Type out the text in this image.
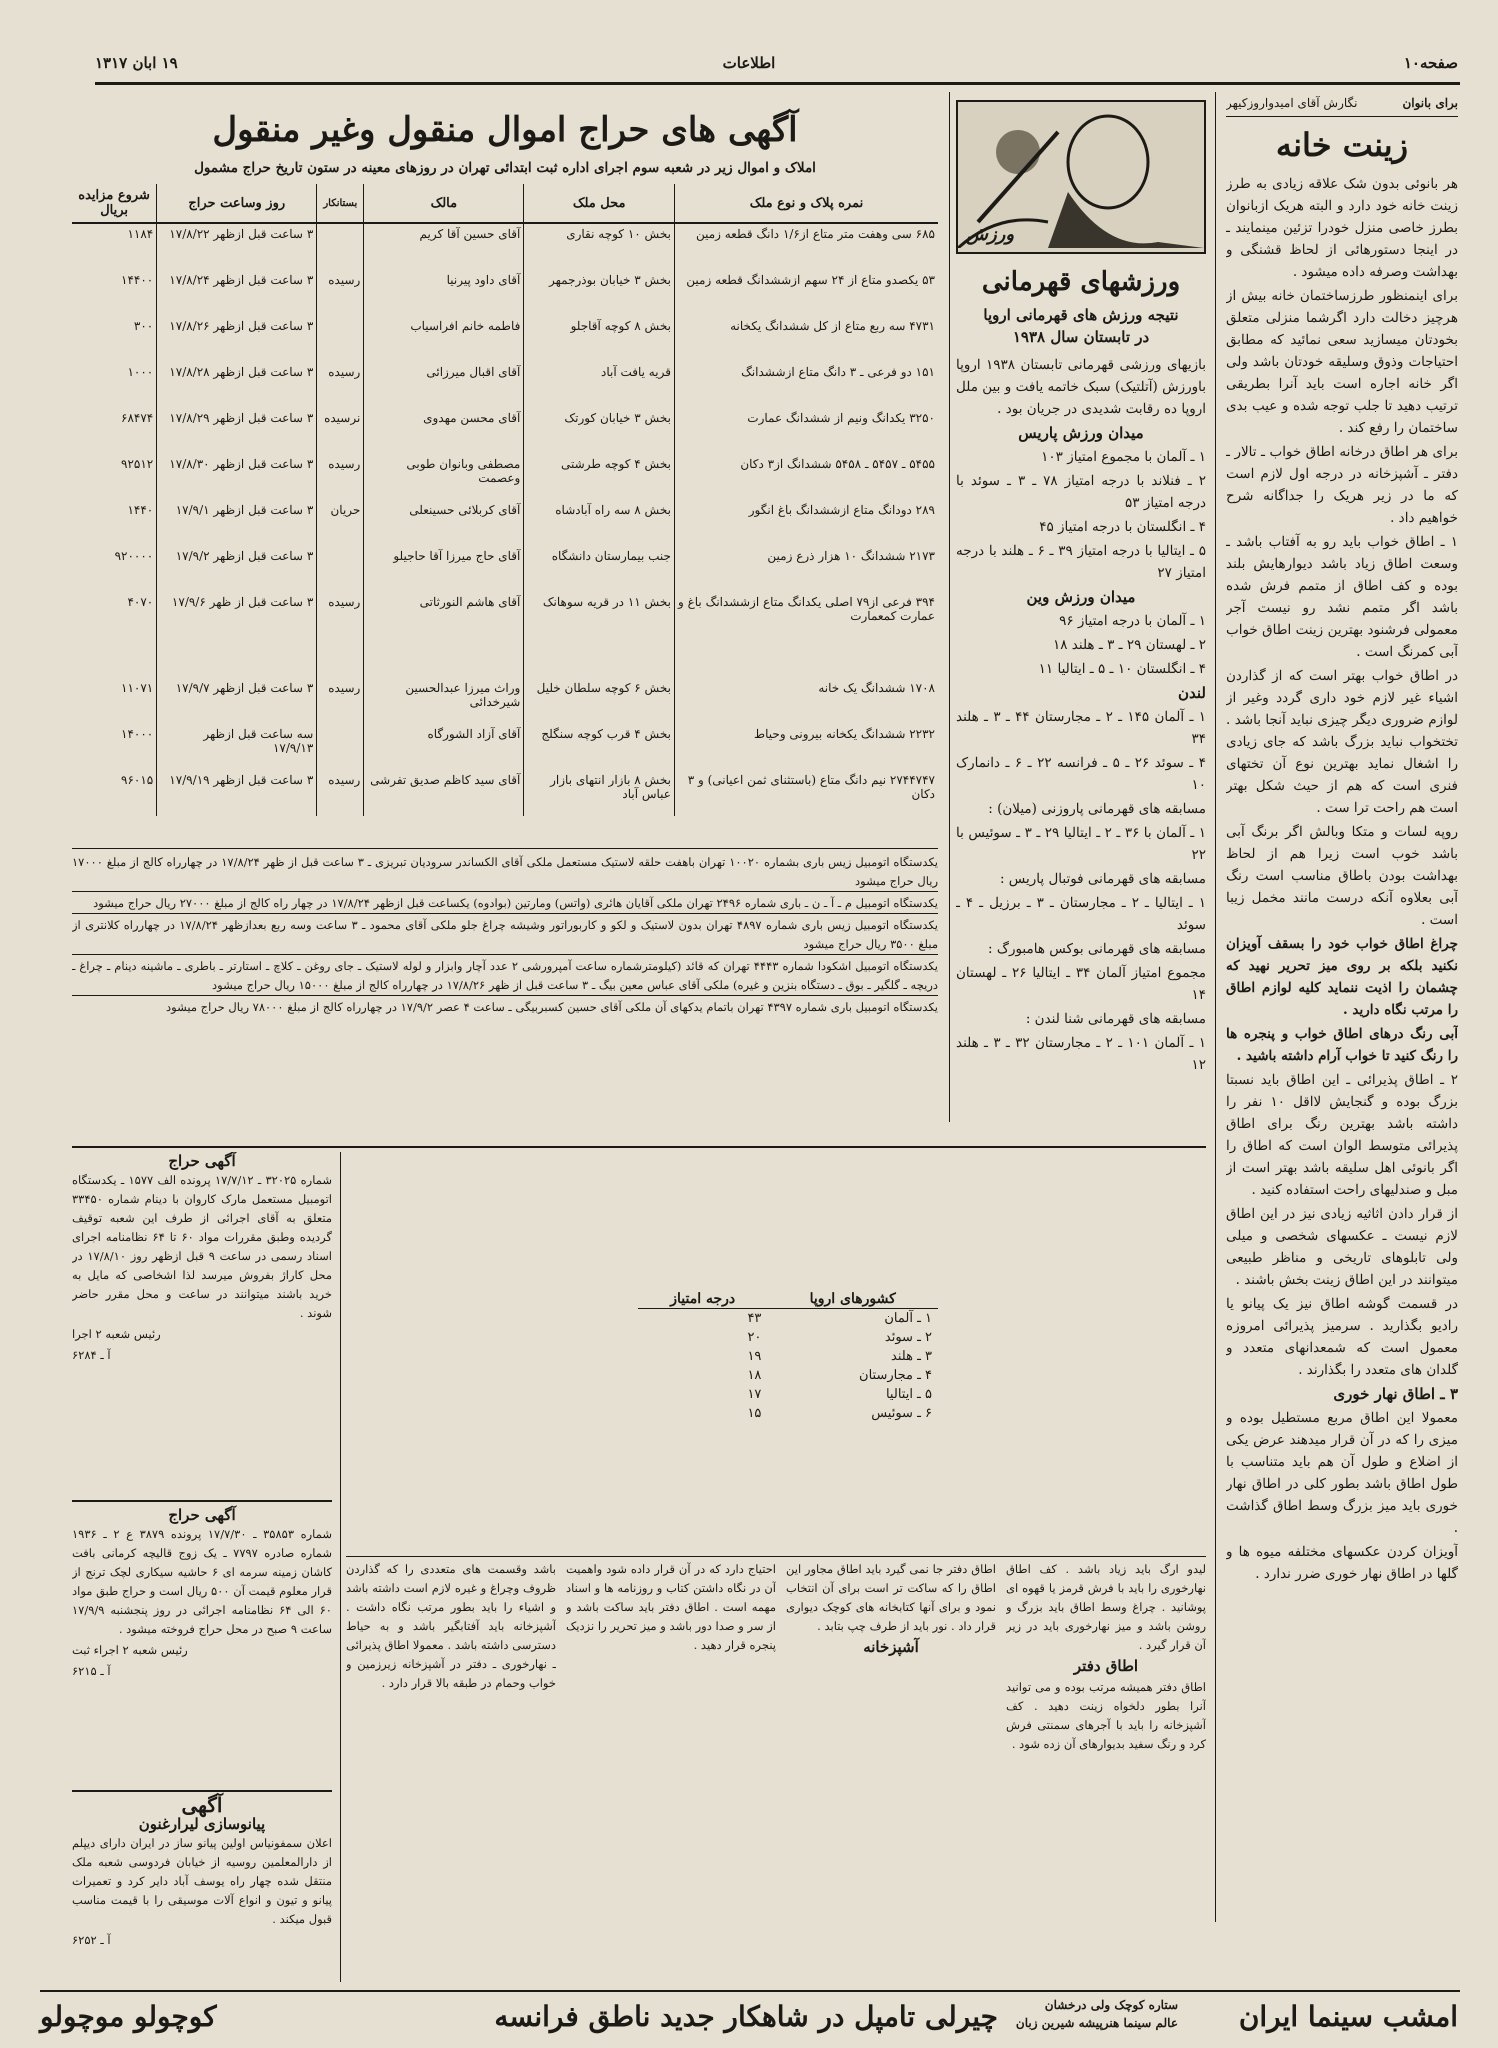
صفحه۱۰
اطلاعات
۱۹ ابان ۱۳۱۷
برای بانوان
نگارش آقای امیدواروزکیهر
زینت خانه

هر بانوئی بدون شک علاقه زیادی به طرز زینت خانه خود دارد و البته هریک ازبانوان بطرز خاصی منزل خودرا تزئین مینمایند ـ در اینجا دستورهائی از لحاظ قشنگی و بهداشت وصرفه داده میشود .

برای اینمنظور طرزساختمان خانه بیش از هرچیز دخالت دارد اگرشما منزلی متعلق بخودتان میسازید سعی نمائید که مطابق احتیاجات وذوق وسلیقه خودتان باشد ولی اگر خانه اجاره است باید آنرا بطریقی ترتیب دهید تا جلب توجه شده و عیب بدی ساختمان را رفع کند .

برای هر اطاق درخانه اطاق خواب ـ تالار ـ دفتر ـ آشپزخانه در درجه اول لازم است که ما در زیر هریک را جداگانه شرح خواهیم داد .

۱ ـ اطاق خواب باید رو به آفتاب باشد ـ وسعت اطاق زیاد باشد دیوارهایش بلند بوده و کف اطاق از متمم فرش شده باشد اگر متمم نشد رو نیست آجر معمولی فرشنود بهترین زینت اطاق خواب آبی کمرنگ است .

در اطاق خواب بهتر است که از گذاردن اشیاء غیر لازم خود داری گردد وغیر از لوازم ضروری دیگر چیزی نباید آنجا باشد . تختخواب نباید بزرگ باشد که جای زیادی را اشغال نماید بهترین نوع آن تختهای فنری است که هم از حیث شکل بهتر است هم راحت ترا ست .

روپه لسات و متکا وبالش اگر برنگ آبی باشد خوب است زیرا هم از لحاظ بهداشت بودن باطاق مناسب است رنگ آبی بعلاوه آنکه درست مانند مخمل زیبا است .

چراغ اطاق خواب خود را بسقف آویزان نکنید بلکه بر روی میز تحریر نهید که چشمان را اذیت ننماید کلیه لوازم اطاق را مرتب نگاه دارید .

آبی رنگ درهای اطاق خواب و پنجره ها را رنگ کنید تا خواب آرام داشته باشید .

۲ ـ اطاق پذیرائی ـ این اطاق باید نسبتا بزرگ بوده و گنجایش لااقل ۱۰ نفر را داشته باشد بهترین رنگ برای اطاق پذیرائی متوسط الوان است که اطاق را اگر بانوئی اهل سلیقه باشد بهتر است از مبل و صندلیهای راحت استفاده کنید .

از قرار دادن اثاثیه زیادی نیز در این اطاق لازم نیست ـ عکسهای شخصی و میلی ولی تابلوهای تاریخی و مناظر طبیعی میتوانند در این اطاق زینت بخش باشند .

در قسمت گوشه اطاق نیز یک پیانو یا رادیو بگذارید . سرمیز پذیرائی امروزه معمول است که شمعدانهای متعدد و گلدان های متعدد را بگذارند .

۳ ـ اطاق نهار خوری

معمولا این اطاق مربع مستطیل بوده و میزی را که در آن قرار میدهند عرض یکی از اضلاع و طول آن هم باید متناسب با طول اطاق باشد بطور کلی در اطاق نهار خوری باید میز بزرگ وسط اطاق گذاشت .

آویزان کردن عکسهای مختلفه میوه ها و گلها در اطاق نهار خوری ضرر ندارد .

ورزش
ورزشهای قهرمانی
نتیجه ورزش های قهرمانی اروپا
در تابستان سال ۱۹۳۸

بازیهای ورزشی قهرمانی تابستان ۱۹۳۸ اروپا باورزش (آتلتیک) سبک خاتمه یافت و بین ملل اروپا ده رقابت شدیدی در جریان بود .

میدان ورزش پاریس

۱ ـ آلمان با مجموع امتیاز ۱۰۳

۲ ـ فنلاند با درجه امتیاز ۷۸ ـ ۳ ـ سوئد با درجه امتیاز ۵۳

۴ ـ انگلستان با درجه امتیاز ۴۵

۵ ـ ایتالیا با درجه امتیاز ۳۹ ـ ۶ ـ هلند با درجه امتیاز ۲۷

میدان ورزش وین

۱ ـ آلمان با درجه امتیاز ۹۶

۲ ـ لهستان ۲۹ ـ ۳ ـ هلند ۱۸

۴ ـ انگلستان ۱۰ ـ ۵ ـ ایتالیا ۱۱

لندن

۱ ـ آلمان ۱۴۵ ـ ۲ ـ مجارستان ۴۴ ـ ۳ ـ هلند ۳۴

۴ ـ سوئد ۲۶ ـ ۵ ـ فرانسه ۲۲ ـ ۶ ـ دانمارک ۱۰

مسابقه های قهرمانی پاروزنی (میلان) :

۱ ـ آلمان با ۳۶ ـ ۲ ـ ایتالیا ۲۹ ـ ۳ ـ سوئیس با ۲۲

مسابقه های قهرمانی فوتبال پاریس :

۱ ـ ایتالیا ـ ۲ ـ مجارستان ـ ۳ ـ برزیل ـ ۴ ـ سوئد

مسابقه های قهرمانی بوکس هامبورگ :

مجموع امتیاز آلمان ۳۴ ـ ایتالیا ۲۶ ـ لهستان ۱۴

مسابقه های قهرمانی شنا لندن :

۱ ـ آلمان ۱۰۱ ـ ۲ ـ مجارستان ۳۲ ـ ۳ ـ هلند ۱۲

کشورهای اروپا	درجه امتیاز
۱ ـ آلمان	۴۳
۲ ـ سوئد	۲۰
۳ ـ هلند	۱۹
۴ ـ مجارستان	۱۸
۵ ـ ایتالیا	۱۷
۶ ـ سوئیس	۱۵
آگهی های حراج اموال منقول وغیر منقول
املاک و اموال زیر در شعبه سوم اجرای اداره ثبت ابتدائی تهران در روزهای معینه در ستون تاریخ حراج مشمول
نمره پلاک و نوع ملک	محل ملک	مالک	بستانکار	روز وساعت حراج	شروع مزایده بریال
۶۸۵ سی وهفت متر متاع از۱/۶ دانگ قطعه زمین	بخش ۱۰ کوچه نقاری	آقای حسین آقا کریم		۳ ساعت قبل ازظهر ۱۷/۸/۲۲	۱۱۸۴
۵۳ یکصدو متاع از ۲۴ سهم ازششدانگ قطعه زمین	بخش ۳ خیابان بوذرجمهر	آقای داود پیرنیا	رسیده	۳ ساعت قبل ازظهر ۱۷/۸/۲۴	۱۴۴۰۰
۴۷۳۱ سه ربع متاع از کل ششدانگ یکخانه	بخش ۸ کوچه آقاجلو	فاطمه خانم افراسیاب		۳ ساعت قبل ازظهر ۱۷/۸/۲۶	۳۰۰
۱۵۱ دو فرعی ـ ۳ دانگ متاع ازششدانگ	قریه یافت آباد	آقای اقبال میرزائی	رسیده	۳ ساعت قبل ازظهر ۱۷/۸/۲۸	۱۰۰۰
۳۲۵۰ یکدانگ ونیم از ششدانگ عمارت	بخش ۳ خیابان کورتک	آقای محسن مهدوی	نرسیده	۳ ساعت قبل ازظهر ۱۷/۸/۲۹	۶۸۴۷۴
۵۴۵۵ ـ ۵۴۵۷ ـ ۵۴۵۸ ششدانگ از۳ دکان	بخش ۴ کوچه طرشتی	مصطفی وبانوان طوبی وعصمت	رسیده	۳ ساعت قبل ازظهر ۱۷/۸/۳۰	۹۲۵۱۲
۲۸۹ دودانگ متاع ازششدانگ باغ انگور	بخش ۸ سه راه آبادشاه	آقای کربلائی حسینعلی	حریان	۳ ساعت قبل ازظهر ۱۷/۹/۱	۱۴۴۰
۲۱۷۳ ششدانگ ۱۰ هزار ذرع زمین	جنب بیمارستان دانشگاه	آقای حاج میرزا آقا حاجیلو		۳ ساعت قبل ازظهر ۱۷/۹/۲	۹۲۰۰۰۰
۳۹۴ فرعی از۷۹ اصلی یکدانگ متاع ازششدانگ باغ و عمارت کمعمارت	بخش ۱۱ در قریه سوهانک	آقای هاشم النورثاتی	رسیده	۳ ساعت قبل از ظهر ۱۷/۹/۶	۴۰۷۰
۱۷۰۸ ششدانگ یک خانه	بخش ۶ کوچه سلطان خلیل	وراث میرزا عبدالحسین شیرخدائی	رسیده	۳ ساعت قبل ازظهر ۱۷/۹/۷	۱۱۰۷۱
۲۲۳۲ ششدانگ یکخانه بیرونی وحیاط	بخش ۴ قرب کوچه سنگلج	آقای آزاد الشورگاه		سه ساعت قبل ازظهر ۱۷/۹/۱۳	۱۴۰۰۰
۲۷۴۴۷۴۷ نیم دانگ متاع (باستثنای ثمن اعیانی) و ۳ دکان	بخش ۸ بازار انتهای بازار عباس آباد	آقای سید کاظم صدیق تفرشی	رسیده	۳ ساعت قبل ازظهر ۱۷/۹/۱۹	۹۶۰۱۵

یکدستگاه اتومبیل زیس باری بشماره ۱۰۰۲۰ تهران باهفت حلقه لاستیک مستعمل ملکی آقای الکساندر سرودیان تبریزی ـ ۳ ساعت قبل از ظهر ۱۷/۸/۲۴ در چهارراه کالج از مبلغ ۱۷۰۰۰ ریال حراج میشود

یکدستگاه اتومبیل م ـ آ ـ ن ـ باری شماره ۲۴۹۶ تهران ملکی آقایان هائری (واتس) ومارتین (بوادوه) یکساعت قبل ازظهر ۱۷/۸/۲۴ در چهار راه کالج از مبلغ ۲۷۰۰۰ ریال حراج میشود

یکدستگاه اتومبیل زیس باری شماره ۴۸۹۷ تهران بدون لاستیک و لکو و کاربوراتور وشیشه چراغ جلو ملکی آقای محمود ـ ۳ ساعت وسه ربع بعدازظهر ۱۷/۸/۲۴ در چهارراه کلانتری از مبلغ ۳۵۰۰ ریال حراج میشود

یکدستگاه اتومبیل اشکودا شماره ۴۴۴۳ تهران که قائد (کیلومترشماره ساعت آمپرورشی ۲ عدد آچار وابزار و لوله لاستیک ـ جای روغن ـ کلاچ ـ استارتر ـ باطری ـ ماشینه دینام ـ چراغ ـ دریچه ـ گلگیر ـ بوق ـ دستگاه بنزین و غیره) ملکی آقای عباس معین بیگ ـ ۳ ساعت قبل از ظهر ۱۷/۸/۲۶ در چهارراه کالج از مبلغ ۱۵۰۰۰ ریال حراج میشود

یکدستگاه اتومبیل باری شماره ۴۳۹۷ تهران باتمام یدکهای آن ملکی آقای حسین کسبربیگی ـ ساعت ۴ عصر ۱۷/۹/۲ در چهارراه کالج از مبلغ ۷۸۰۰۰ ریال حراج میشود

آگهی حراج

شماره ۳۲۰۲۵ ـ ۱۷/۷/۱۲ پرونده الف ۱۵۷۷ ـ یکدستگاه اتومبیل مستعمل مارک کاروان با دینام شماره ۳۳۴۵۰ متعلق به آقای اجرائی از طرف این شعبه توقیف گردیده وطبق مقررات مواد ۶۰ تا ۶۴ نظامنامه اجرای اسناد رسمی در ساعت ۹ قبل ازظهر روز ۱۷/۸/۱۰ در محل کاراژ بفروش میرسد لذا اشخاصی که مایل به خرید باشند میتوانند در ساعت و محل مقرر حاضر شوند .

رئیس شعبه ۲ اجرا

آ ـ ۶۲۸۴

آگهی حراج

شماره ۳۵۸۵۳ ـ ۱۷/۷/۳۰ پرونده ۳۸۷۹ ع ۲ ـ ۱۹۳۶ شماره صادره ۷۷۹۷ ـ یک زوج قالیچه کرمانی بافت کاشان زمینه سرمه ای ۶ حاشیه سیکاری لچک ترنج از قرار معلوم قیمت آن ۵۰۰ ریال است و حراج طبق مواد ۶۰ الی ۶۴ نظامنامه اجرائی در روز پنجشنبه ۱۷/۹/۹ ساعت ۹ صبح در محل حراج فروخته میشود .

رئیس شعبه ۲ اجراء ثبت

آ ـ ۶۲۱۵

آگهی
پیانوسازی لیرارغنون

اعلان سمفونیاس اولین پیانو ساز در ایران دارای دیپلم از دارالمعلمین روسیه از خیابان فردوسی شعبه ملک منتقل شده چهار راه یوسف آباد دایر کرد و تعمیرات پیانو و تیون و انواع آلات موسیقی را با قیمت مناسب قبول میکند .

آ ـ ۶۲۵۲

باشد وقسمت های متعددی را که گذاردن ظروف وچراغ و غیره لازم است داشته باشد و اشیاء را باید بطور مرتب نگاه داشت . آشپزخانه باید آفتابگیر باشد و به حیاط دسترسی داشته باشد . معمولا اطاق پذیرائی ـ نهارخوری ـ دفتر در آشپزخانه زیرزمین و خواب وحمام در طبقه بالا قرار دارد .

احتیاج دارد که در آن قرار داده شود واهمیت آن در نگاه داشتن کتاب و روزنامه ها و اسناد مهمه است . اطاق دفتر باید ساکت باشد و از سر و صدا دور باشد و میز تحریر را نزدیک پنجره قرار دهید .

اطاق دفتر جا نمی گیرد باید اطاق مجاور این اطاق را که ساکت تر است برای آن انتخاب نمود و برای آنها کتابخانه های کوچک دیواری قرار داد . نور باید از طرف چپ بتابد .

آشپزخانه

لیدو ارگ باید زیاد باشد . کف اطاق نهارخوری را باید با فرش قرمز یا قهوه ای پوشانید . چراغ وسط اطاق باید بزرگ و روشن باشد و میز نهارخوری باید در زیر آن قرار گیرد .

اطاق دفتر

اطاق دفتر همیشه مرتب بوده و می توانید آنرا بطور دلخواه زینت دهید . کف آشپزخانه را باید با آجرهای سمنتی فرش کرد و رنگ سفید بدیوارهای آن زده شود .

امشب سینما ایران
ستاره کوچک ولی درخشان
عالم سینما هنرپیشه شیرین زبان
چیرلی تامپل در شاهکار جدید ناطق فرانسه
کوچولو موچولو
